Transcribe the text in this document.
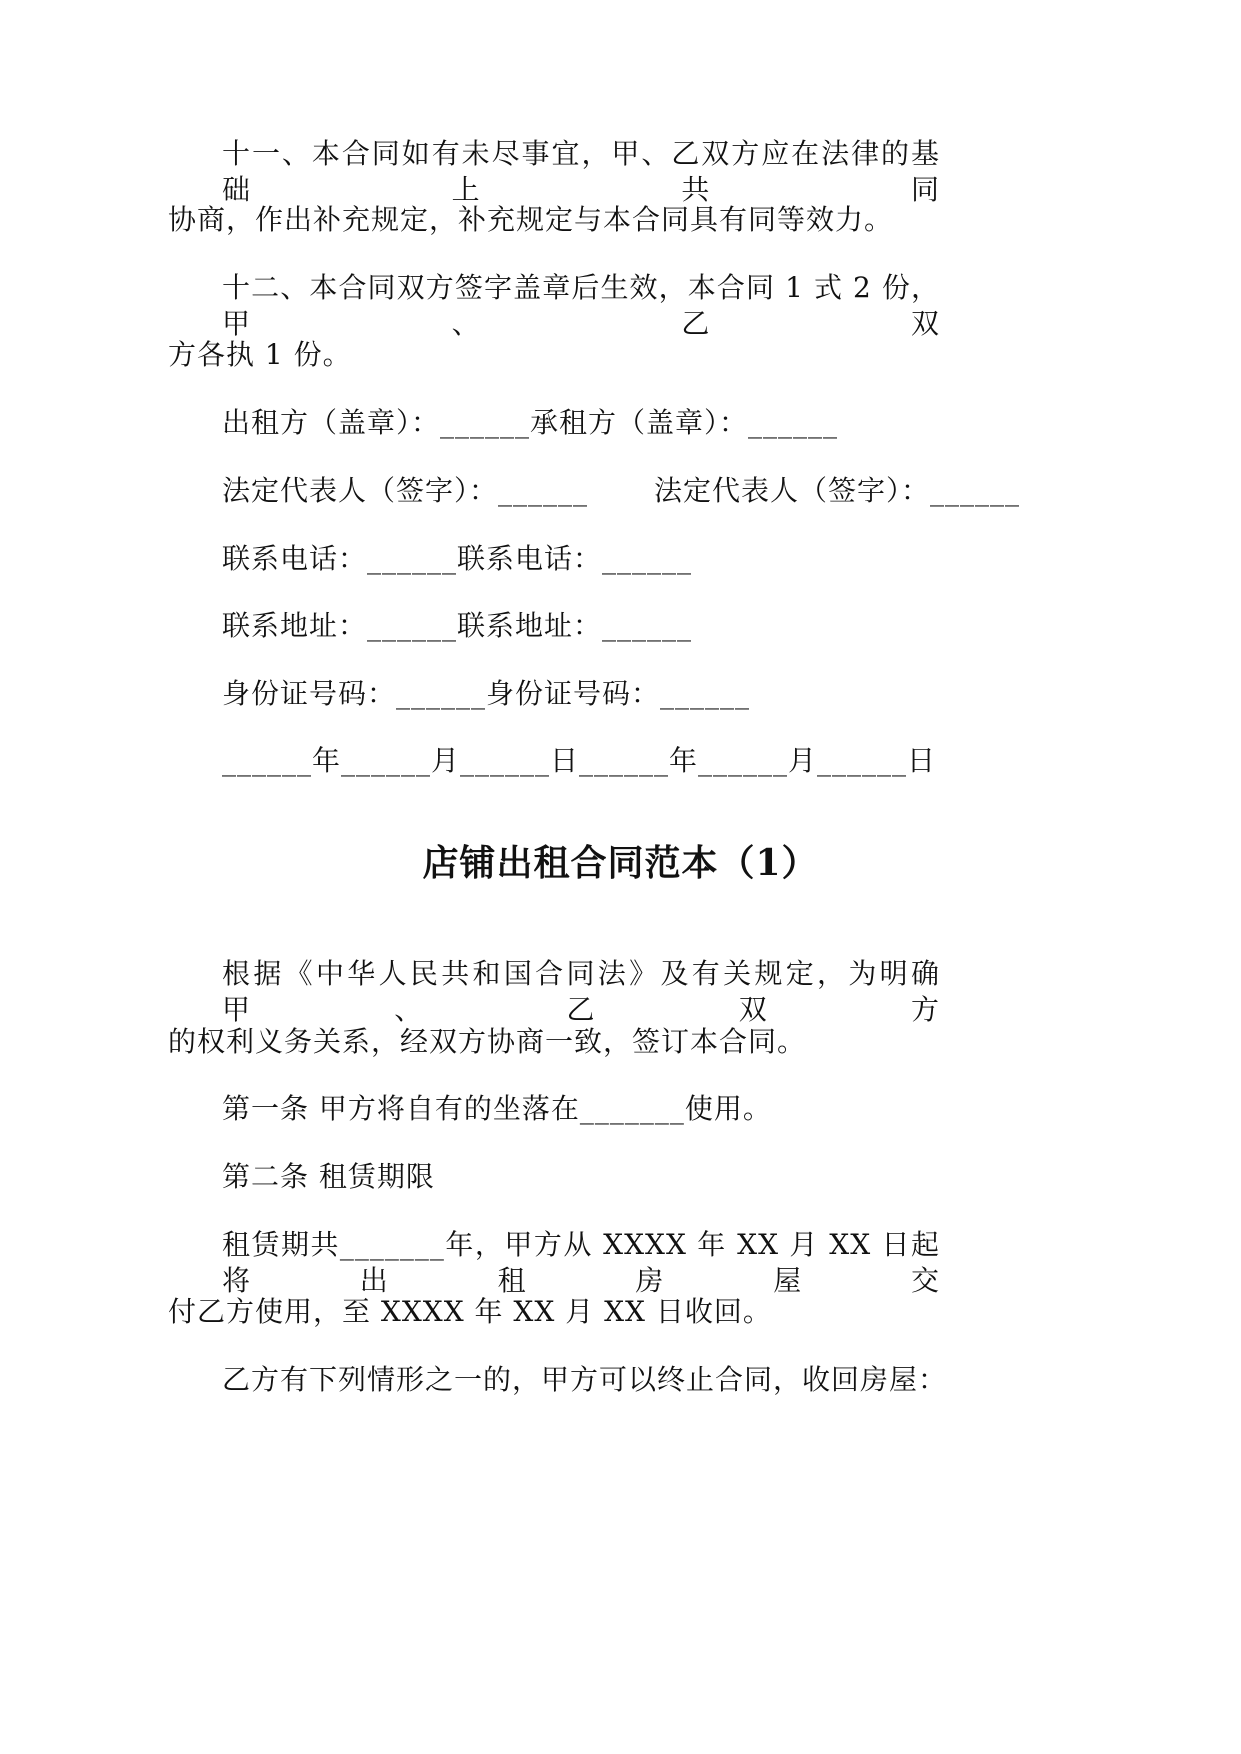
十一、本合同如有未尽事宜，甲、乙双方应在法律的基础上共同
协商，作出补充规定，补充规定与本合同具有同等效力。
十二、本合同双方签字盖章后生效，本合同 1 式 2 份，甲、乙双
方各执 1 份。
出租方（盖章）：______承租方（盖章）：______
法定代表人（签字）：______ 法定代表人（签字）：______
联系电话：______联系电话：______
联系地址：______联系地址：______
身份证号码：______身份证号码：______
______年______月______日______年______月______日
店铺出租合同范本（1）
根据《中华人民共和国合同法》及有关规定，为明确甲、乙双方
的权利义务关系，经双方协商一致，签订本合同。
第一条 甲方将自有的坐落在_______使用。
第二条 租赁期限
租赁期共_______年，甲方从 XXXX 年 XX 月 XX 日起将出租房屋交
付乙方使用，至 XXXX 年 XX 月 XX 日收回。
乙方有下列情形之一的，甲方可以终止合同，收回房屋：
